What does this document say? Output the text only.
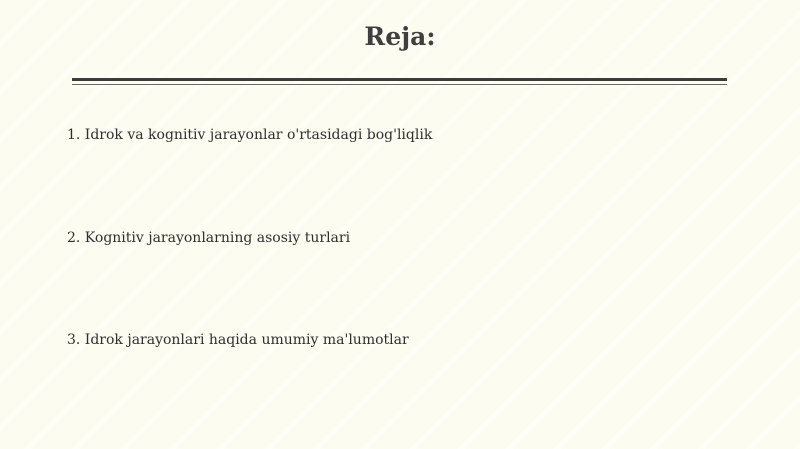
Reja:

1. Idrok va kognitiv jarayonlar o'rtasidagi bog'liqlik

2. Kognitiv jarayonlarning asosiy turlari

3. Idrok jarayonlari haqida umumiy ma'lumotlar
